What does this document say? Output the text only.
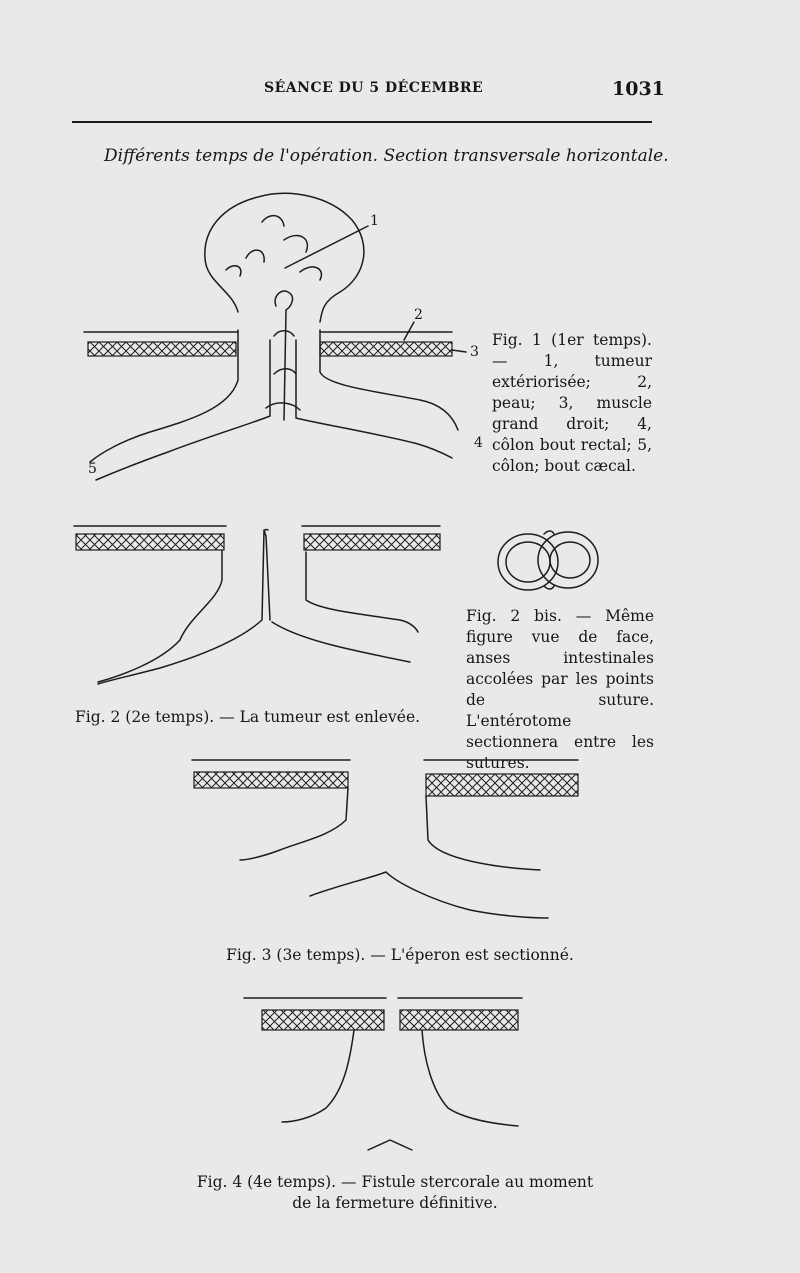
SÉANCE DU 5 DÉCEMBRE	1031
Différents temps de l'opération. Section transversale horizontale.
1
2
3
4
5
Fig. 1 (1er temps). — 1, tumeur extériorisée; 2, peau; 3, muscle grand droit; 4, côlon bout rectal; 5, côlon; bout cæcal.
Fig. 2 (2e temps). — La tumeur est enlevée.
Fig. 2 bis. — Même figure vue de face, anses intestinales accolées par les points de suture. L'entérotome sectionnera entre les sutures.
Fig. 3 (3e temps). — L'éperon est sectionné.
Fig. 4 (4e temps). — Fistule stercorale au moment
de la fermeture définitive.
